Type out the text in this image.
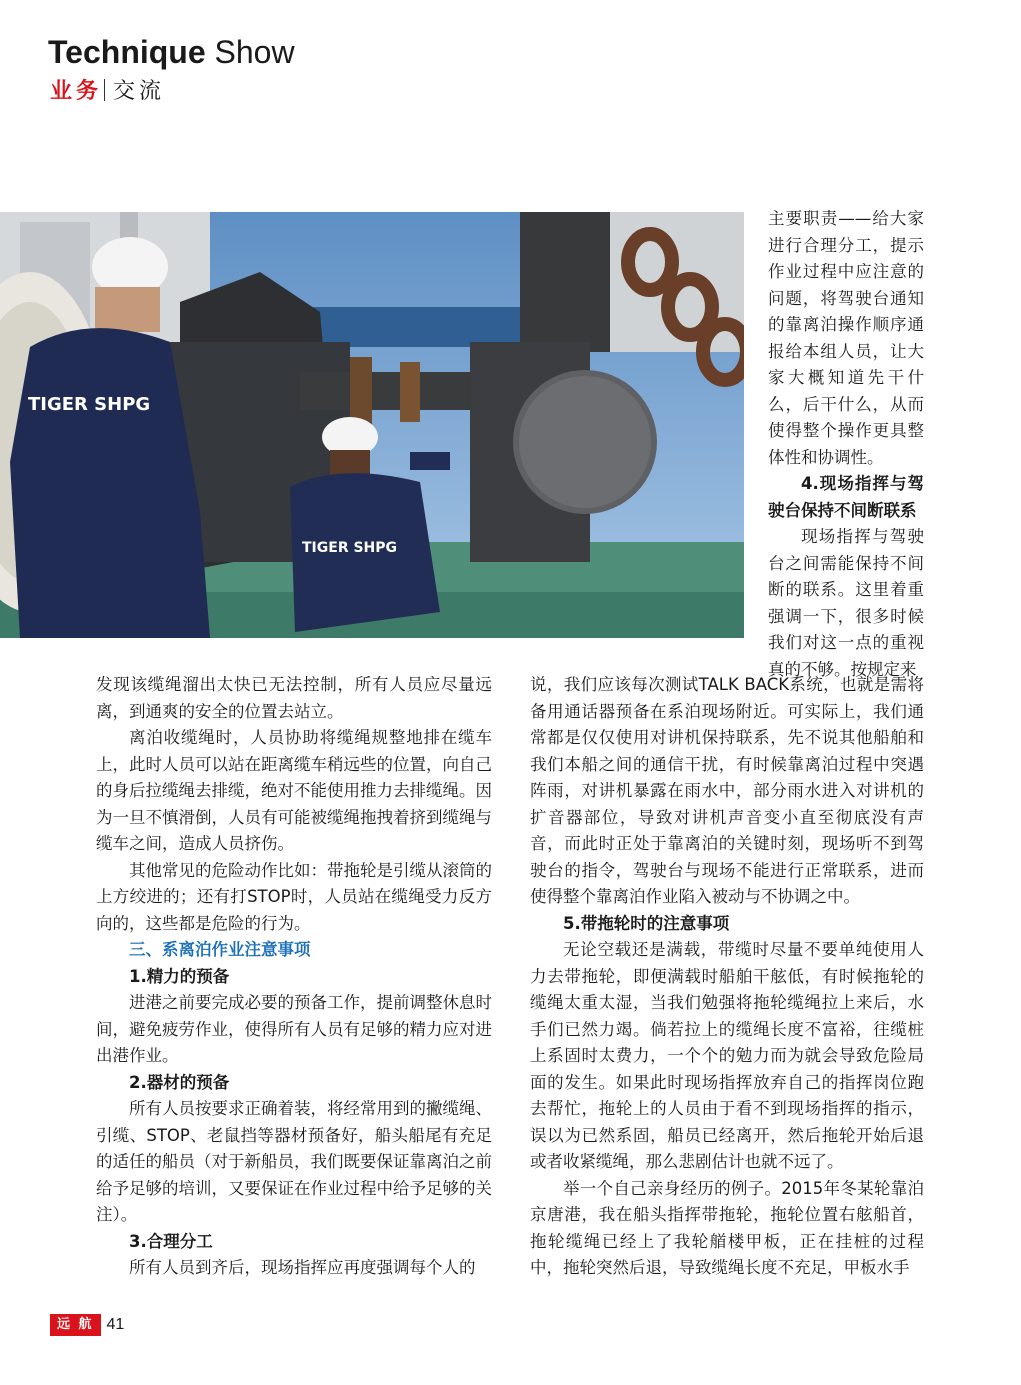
Technique Show
业务 交流
TIGER SHPG
TIGER SHPG

主要职责——给大家进行合理分工，提示作业过程中应注意的问题，将驾驶台通知的靠离泊操作顺序通报给本组人员，让大家大概知道先干什么，后干什么，从而使得整个操作更具整体性和协调性。

4.现场指挥与驾驶台保持不间断联系

现场指挥与驾驶台之间需能保持不间断的联系。这里着重强调一下，很多时候我们对这一点的重视真的不够。按规定来

发现该缆绳溜出太快已无法控制，所有人员应尽量远离，到通爽的安全的位置去站立。

离泊收缆绳时，人员协助将缆绳规整地排在缆车上，此时人员可以站在距离缆车稍远些的位置，向自己的身后拉缆绳去排缆，绝对不能使用推力去排缆绳。因为一旦不慎滑倒，人员有可能被缆绳拖拽着挤到缆绳与缆车之间，造成人员挤伤。

其他常见的危险动作比如：带拖轮是引缆从滚筒的上方绞进的；还有打STOP时，人员站在缆绳受力反方向的，这些都是危险的行为。

三、系离泊作业注意事项

1.精力的预备

进港之前要完成必要的预备工作，提前调整休息时间，避免疲劳作业，使得所有人员有足够的精力应对进出港作业。

2.器材的预备

所有人员按要求正确着装，将经常用到的撇缆绳、引缆、STOP、老鼠挡等器材预备好，船头船尾有充足的适任的船员（对于新船员，我们既要保证靠离泊之前给予足够的培训，又要保证在作业过程中给予足够的关注）。

3.合理分工

所有人员到齐后，现场指挥应再度强调每个人的

说，我们应该每次测试TALK BACK系统，也就是需将备用通话器预备在系泊现场附近。可实际上，我们通常都是仅仅使用对讲机保持联系，先不说其他船舶和我们本船之间的通信干扰，有时候靠离泊过程中突遇阵雨，对讲机暴露在雨水中，部分雨水进入对讲机的扩音器部位，导致对讲机声音变小直至彻底没有声音，而此时正处于靠离泊的关键时刻，现场听不到驾驶台的指令，驾驶台与现场不能进行正常联系，进而使得整个靠离泊作业陷入被动与不协调之中。

5.带拖轮时的注意事项

无论空载还是满载，带缆时尽量不要单纯使用人力去带拖轮，即便满载时船舶干舷低，有时候拖轮的缆绳太重太湿，当我们勉强将拖轮缆绳拉上来后，水手们已然力竭。倘若拉上的缆绳长度不富裕，往缆桩上系固时太费力，一个个的勉力而为就会导致危险局面的发生。如果此时现场指挥放弃自己的指挥岗位跑去帮忙，拖轮上的人员由于看不到现场指挥的指示，误以为已然系固，船员已经离开，然后拖轮开始后退或者收紧缆绳，那么悲剧估计也就不远了。

举一个自己亲身经历的例子。2015年冬某轮靠泊京唐港，我在船头指挥带拖轮，拖轮位置右舷船首，拖轮缆绳已经上了我轮艏楼甲板，正在挂桩的过程中，拖轮突然后退，导致缆绳长度不充足，甲板水手

远 航 41
